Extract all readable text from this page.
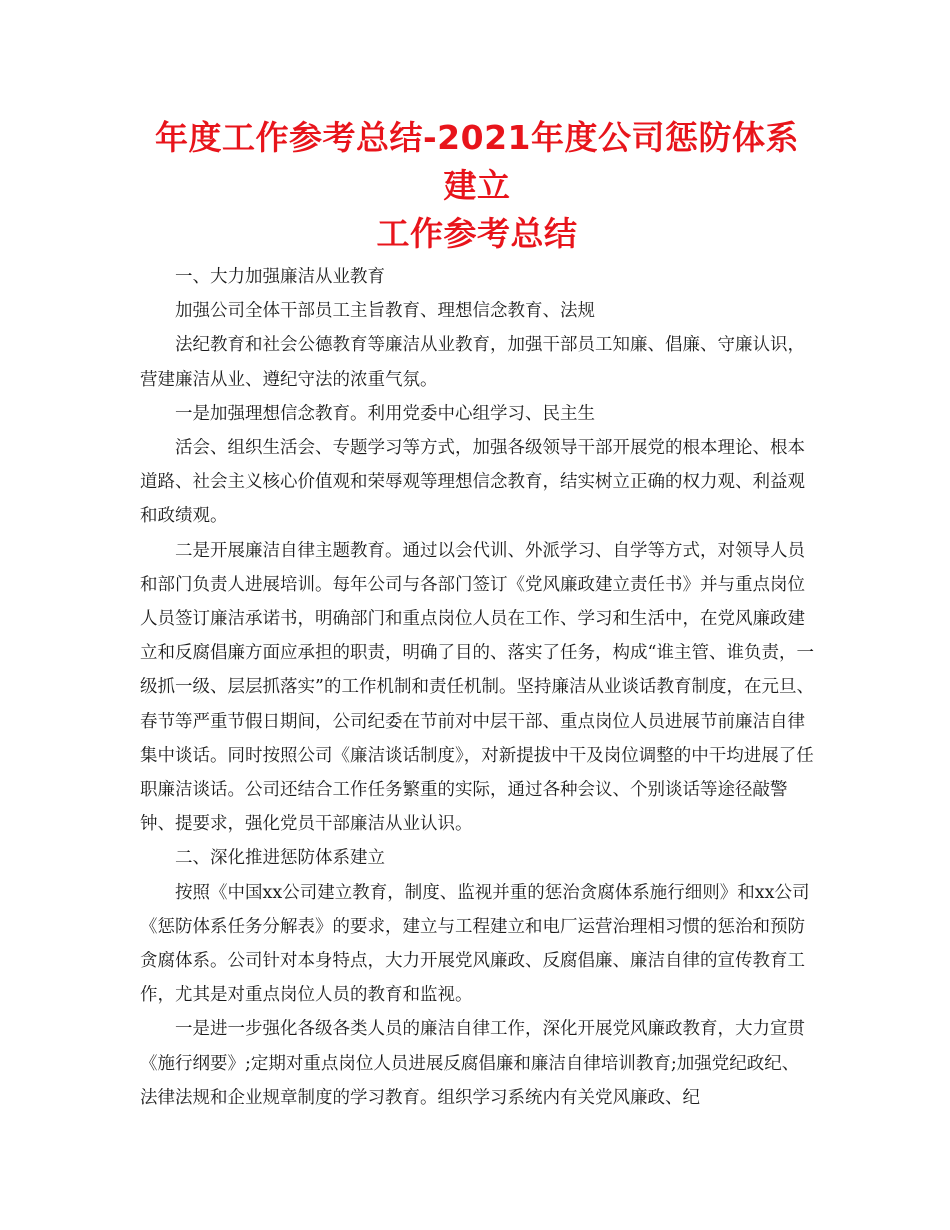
年度工作参考总结-2021年度公司惩防体系建立
工作参考总结

一、大力加强廉洁从业教育

加强公司全体干部员工主旨教育、理想信念教育、法规

法纪教育和社会公德教育等廉洁从业教育，加强干部员工知廉、倡廉、守廉认识，营建廉洁从业、遵纪守法的浓重气氛。

一是加强理想信念教育。利用党委中心组学习、民主生

活会、组织生活会、专题学习等方式，加强各级领导干部开展党的根本理论、根本道路、社会主义核心价值观和荣辱观等理想信念教育，结实树立正确的权力观、利益观和政绩观。

二是开展廉洁自律主题教育。通过以会代训、外派学习、自学等方式，对领导人员和部门负责人进展培训。每年公司与各部门签订《党风廉政建立责任书》并与重点岗位人员签订廉洁承诺书，明确部门和重点岗位人员在工作、学习和生活中，在党风廉政建立和反腐倡廉方面应承担的职责，明确了目的、落实了任务，构成“谁主管、谁负责，一级抓一级、层层抓落实”的工作机制和责任机制。坚持廉洁从业谈话教育制度，在元旦、春节等严重节假日期间，公司纪委在节前对中层干部、重点岗位人员进展节前廉洁自律集中谈话。同时按照公司《廉洁谈话制度》，对新提拔中干及岗位调整的中干均进展了任职廉洁谈话。公司还结合工作任务繁重的实际，通过各种会议、个别谈话等途径敲警钟、提要求，强化党员干部廉洁从业认识。

二、深化推进惩防体系建立

按照《中国xx公司建立教育，制度、监视并重的惩治贪腐体系施行细则》和xx公司《惩防体系任务分解表》的要求，建立与工程建立和电厂运营治理相习惯的惩治和预防贪腐体系。公司针对本身特点，大力开展党风廉政、反腐倡廉、廉洁自律的宣传教育工作，尤其是对重点岗位人员的教育和监视。

一是进一步强化各级各类人员的廉洁自律工作，深化开展党风廉政教育，大力宣贯《施行纲要》;定期对重点岗位人员进展反腐倡廉和廉洁自律培训教育;加强党纪政纪、法律法规和企业规章制度的学习教育。组织学习系统内有关党风廉政、纪
